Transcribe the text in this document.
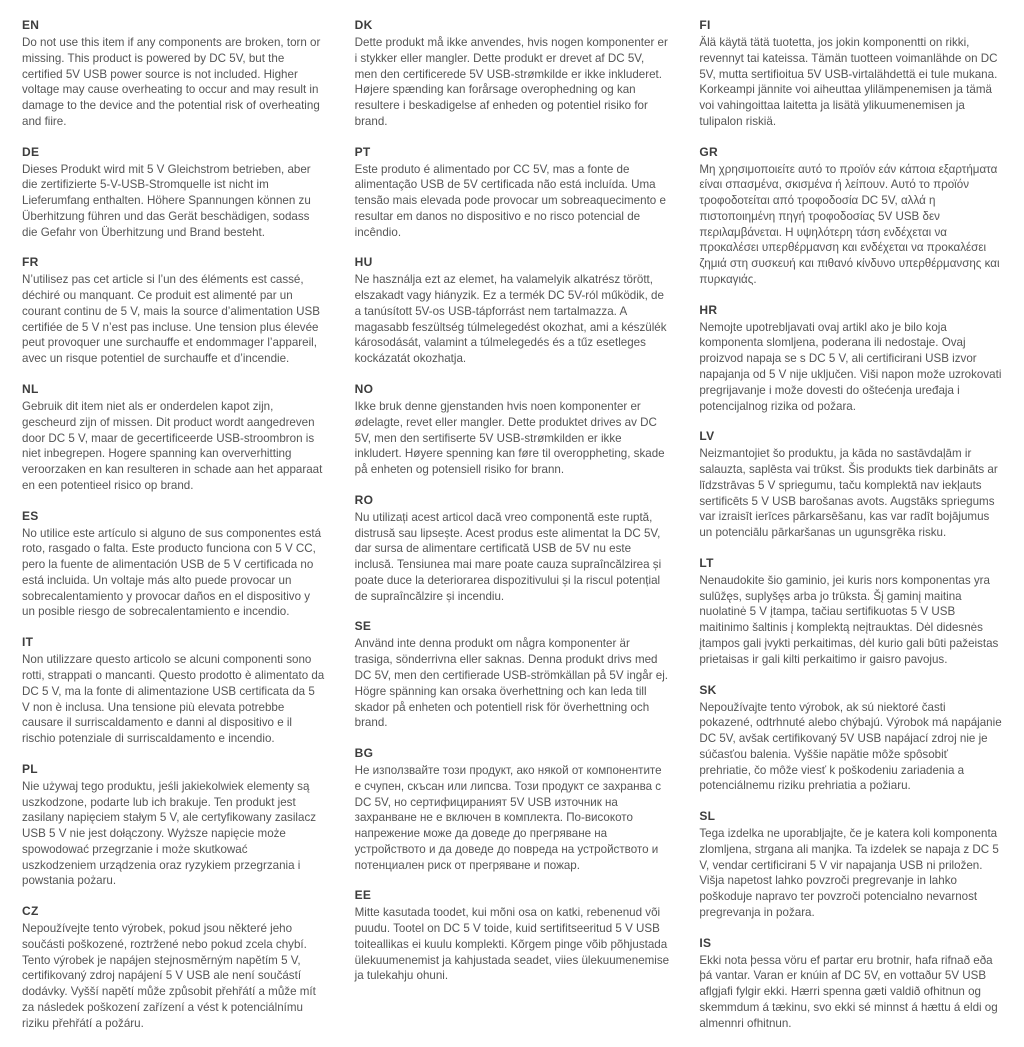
EN

Do not use this item if any components are broken, torn or missing. This product is powered by DC 5V, but the certified 5V USB power source is not included. Higher voltage may cause overheating to occur and may result in damage to the device and the potential risk of overheating and fiire.

DE

Dieses Produkt wird mit 5 V Gleichstrom betrieben, aber die zertifizierte 5-V-USB-Stromquelle ist nicht im Lieferumfang enthalten. Höhere Spannungen können zu Überhitzung führen und das Gerät beschädigen, sodass die Gefahr von Überhitzung und Brand besteht.

FR

N’utilisez pas cet article si l’un des éléments est cassé, déchiré ou manquant. Ce produit est alimenté par un courant continu de 5 V, mais la source d’alimentation USB certifiée de 5 V n’est pas incluse. Une tension plus élevée peut provoquer une surchauffe et endommager l’appareil, avec un risque potentiel de surchauffe et d’incendie.

NL

Gebruik dit item niet als er onderdelen kapot zijn, gescheurd zijn of missen. Dit product wordt aangedreven door DC 5 V, maar de gecertificeerde USB-stroombron is niet inbegrepen. Hogere spanning kan oververhitting veroorzaken en kan resulteren in schade aan het apparaat en een potentieel risico op brand.

ES

No utilice este artículo si alguno de sus componentes está roto, rasgado o falta. Este producto funciona con 5 V CC, pero la fuente de alimentación USB de 5 V certificada no está incluida. Un voltaje más alto puede provocar un sobrecalentamiento y provocar daños en el dispositivo y un posible riesgo de sobrecalentamiento e incendio.

IT

Non utilizzare questo articolo se alcuni componenti sono rotti, strappati o mancanti. Questo prodotto è alimentato da DC 5 V, ma la fonte di alimentazione USB certificata da 5 V non è inclusa. Una tensione più elevata potrebbe causare il surriscaldamento e danni al dispositivo e il rischio potenziale di surriscaldamento e incendio.

PL

Nie używaj tego produktu, jeśli jakiekolwiek elementy są uszkodzone, podarte lub ich brakuje. Ten produkt jest zasilany napięciem stałym 5 V, ale certyfikowany zasilacz USB 5 V nie jest dołączony. Wyższe napięcie może spowodować przegrzanie i może skutkować uszkodzeniem urządzenia oraz ryzykiem przegrzania i powstania pożaru.

CZ

Nepoužívejte tento výrobek, pokud jsou některé jeho součásti poškozené, roztržené nebo pokud zcela chybí. Tento výrobek je napájen stejnosměrným napětím 5 V, certifikovaný zdroj napájení 5 V USB ale není součástí dodávky. Vyšší napětí může způsobit přehřátí a může mít za následek poškození zařízení a vést k potenciálnímu riziku přehřátí a požáru.

DK

Dette produkt må ikke anvendes, hvis nogen komponenter er i stykker eller mangler. Dette produkt er drevet af DC 5V, men den certificerede 5V USB-strømkilde er ikke inkluderet. Højere spænding kan forårsage overophedning og kan resultere i beskadigelse af enheden og potentiel risiko for brand.

PT

Este produto é alimentado por CC 5V, mas a fonte de alimentação USB de 5V certificada não está incluída. Uma tensão mais elevada pode provocar um sobreaquecimento e resultar em danos no dispositivo e no risco potencial de incêndio.

HU

Ne használja ezt az elemet, ha valamelyik alkatrész törött, elszakadt vagy hiányzik. Ez a termék DC 5V-ról működik, de a tanúsított 5V-os USB-tápforrást nem tartalmazza. A magasabb feszültség túlmelegedést okozhat, ami a készülék károsodását, valamint a túlmelegedés és a tűz esetleges kockázatát okozhatja.

NO

Ikke bruk denne gjenstanden hvis noen komponenter er ødelagte, revet eller mangler. Dette produktet drives av DC 5V, men den sertifiserte 5V USB-strømkilden er ikke inkludert. Høyere spenning kan føre til overoppheting, skade på enheten og potensiell risiko for brann.

RO

Nu utilizați acest articol dacă vreo componentă este ruptă, distrusă sau lipsește. Acest produs este alimentat la DC 5V, dar sursa de alimentare certificată USB de 5V nu este inclusă. Tensiunea mai mare poate cauza supraîncălzirea și poate duce la deteriorarea dispozitivului și la riscul potențial de supraîncălzire și incendiu.

SE

Använd inte denna produkt om några komponenter är trasiga, sönderrivna eller saknas. Denna produkt drivs med DC 5V, men den certifierade USB-strömkällan på 5V ingår ej. Högre spänning kan orsaka överhettning och kan leda till skador på enheten och potentiell risk för överhettning och brand.

BG

Не използвайте този продукт, ако някой от компонентите е счупен, скъсан или липсва. Този продукт се захранва с DC 5V, но сертифицираният 5V USB източник на захранване не е включен в комплекта. По-високото напрежение може да доведе до прегряване на устройството и да доведе до повреда на устройството и потенциален риск от прегряване и пожар.

EE

Mitte kasutada toodet, kui mõni osa on katki, rebenenud või puudu. Tootel on DC 5 V toide, kuid sertifitseeritud 5 V USB toiteallikas ei kuulu komplekti. Kõrgem pinge võib põhjustada ülekuumenemist ja kahjustada seadet, viies ülekuumenemise ja tulekahju ohuni.

FI

Älä käytä tätä tuotetta, jos jokin komponentti on rikki, revennyt tai kateissa. Tämän tuotteen voimanlähde on DC 5V, mutta sertifioitua 5V USB-virtalähdettä ei tule mukana. Korkeampi jännite voi aiheuttaa ylilämpenemisen ja tämä voi vahingoittaa laitetta ja lisätä ylikuumenemisen ja tulipalon riskiä.

GR

Μη χρησιμοποιείτε αυτό το προϊόν εάν κάποια εξαρτήματα είναι σπασμένα, σκισμένα ή λείπουν. Αυτό το προϊόν τροφοδοτείται από τροφοδοσία DC 5V, αλλά η πιστοποιημένη πηγή τροφοδοσίας 5V USB δεν περιλαμβάνεται. Η υψηλότερη τάση ενδέχεται να προκαλέσει υπερθέρμανση και ενδέχεται να προκαλέσει ζημιά στη συσκευή και πιθανό κίνδυνο υπερθέρμανσης και πυρκαγιάς.

HR

Nemojte upotrebljavati ovaj artikl ako je bilo koja komponenta slomljena, poderana ili nedostaje. Ovaj proizvod napaja se s DC 5 V, ali certificirani USB izvor napajanja od 5 V nije uključen. Viši napon može uzrokovati pregrijavanje i može dovesti do oštećenja uređaja i potencijalnog rizika od požara.

LV

Neizmantojiet šo produktu, ja kāda no sastāvdaļām ir salauzta, saplēsta vai trūkst. Šis produkts tiek darbināts ar līdzstrāvas 5 V spriegumu, taču komplektā nav iekļauts sertificēts 5 V USB barošanas avots. Augstāks spriegums var izraisīt ierīces pārkarsēšanu, kas var radīt bojājumus un potenciālu pārkaršanas un ugunsgrēka risku.

LT

Nenaudokite šio gaminio, jei kuris nors komponentas yra sulūžęs, suplyšęs arba jo trūksta. Šį gaminį maitina nuolatinė 5 V įtampa, tačiau sertifikuotas 5 V USB maitinimo šaltinis į komplektą neįtrauktas. Dėl didesnės įtampos gali įvykti perkaitimas, dėl kurio gali būti pažeistas prietaisas ir gali kilti perkaitimo ir gaisro pavojus.

SK

Nepoužívajte tento výrobok, ak sú niektoré časti pokazené, odtrhnuté alebo chýbajú. Výrobok má napájanie DC 5V, avšak certifikovaný 5V USB napájací zdroj nie je súčasťou balenia. Vyššie napätie môže spôsobiť prehriatie, čo môže viesť k poškodeniu zariadenia a potenciálnemu riziku prehriatia a požiaru.

SL

Tega izdelka ne uporabljajte, če je katera koli komponenta zlomljena, strgana ali manjka. Ta izdelek se napaja z DC 5 V, vendar certificirani 5 V vir napajanja USB ni priložen. Višja napetost lahko povzroči pregrevanje in lahko poškoduje napravo ter povzroči potencialno nevarnost pregrevanja in požara.

IS

Ekki nota þessa vöru ef partar eru brotnir, hafa rifnað eða þá vantar. Varan er knúin af DC 5V, en vottaður 5V USB aflgjafi fylgir ekki. Hærri spenna gæti valdið ofhitnun og skemmdum á tækinu, svo ekki sé minnst á hættu á eldi og almennri ofhitnun.
